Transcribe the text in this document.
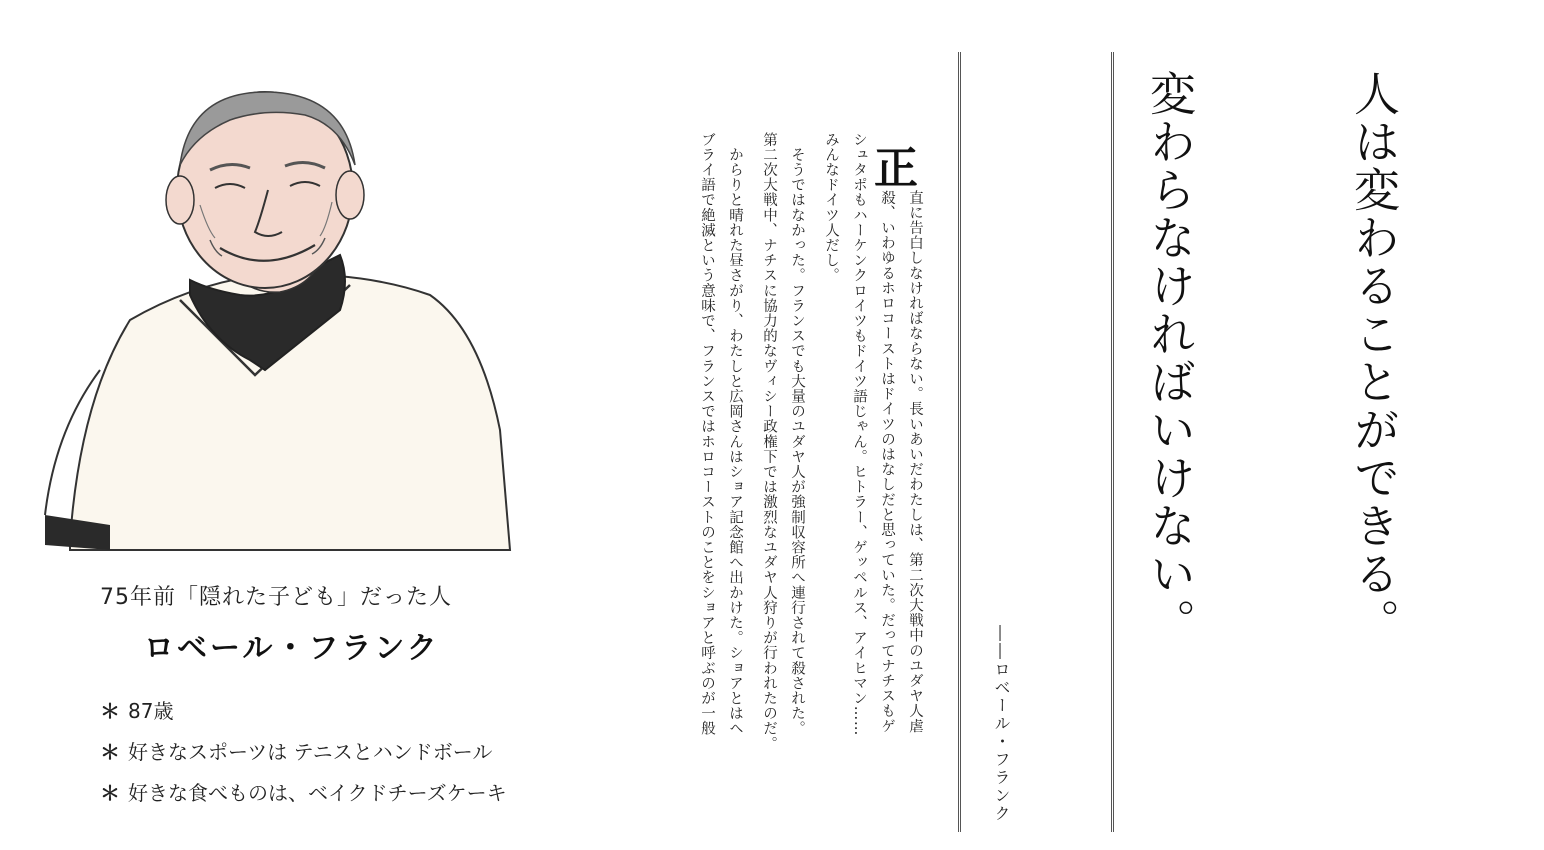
75年前「隠れた子ども」だった人
ロベール・フランク
＊ 87歳
＊ 好きなスポーツは テニスとハンドボール
＊ 好きな食べものは、ベイクドチーズケーキ

人は変わることができる。

変わらなければいけない。

――ロベール・フランク
正
直に告白しなければならない。長いあいだわたしは、第二次大戦中のユダヤ人虐
殺、いわゆるホロコーストはドイツのはなしだと思っていた。だってナチスもゲ
シュタポもハーケンクロイツもドイツ語じゃん。ヒトラー、ゲッペルス、アイヒマン……
みんなドイツ人だし。
　そうではなかった。フランスでも大量のユダヤ人が強制収容所へ連行されて殺された。
第二次大戦中、ナチスに協力的なヴィシー政権下では激烈なユダヤ人狩りが行われたのだ。
　からりと晴れた昼さがり、わたしと広岡さんはショア記念館へ出かけた。ショアとはヘ
ブライ語で絶滅という意味で、フランスではホロコーストのことをショアと呼ぶのが一般
